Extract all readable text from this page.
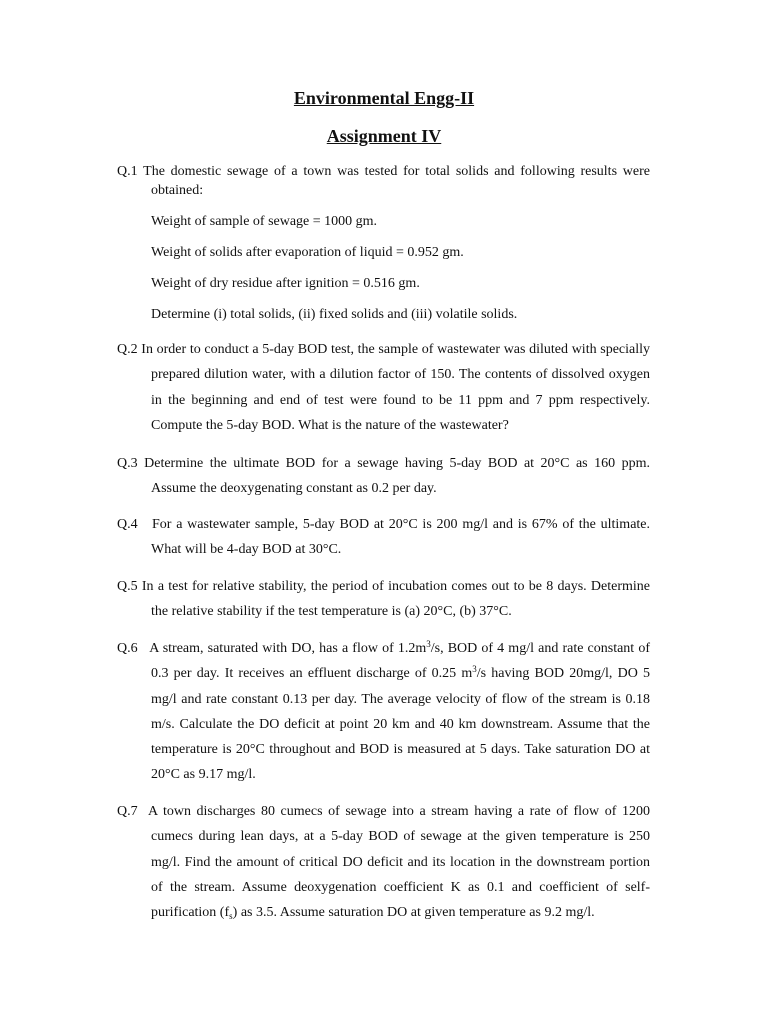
Environmental Engg-II
Assignment IV

Q.1 The domestic sewage of a town was tested for total solids and following results were obtained:

Weight of sample of sewage = 1000 gm.

Weight of solids after evaporation of liquid = 0.952 gm.

Weight of dry residue after ignition = 0.516 gm.

Determine (i) total solids, (ii) fixed solids and (iii) volatile solids.

Q.2 In order to conduct a 5-day BOD test, the sample of wastewater was diluted with specially prepared dilution water, with a dilution factor of 150. The contents of dissolved oxygen in the beginning and end of test were found to be 11 ppm and 7 ppm respectively. Compute the 5-day BOD. What is the nature of the wastewater?

Q.3 Determine the ultimate BOD for a sewage having 5-day BOD at 20°C as 160 ppm. Assume the deoxygenating constant as 0.2 per day.

Q.4 For a wastewater sample, 5-day BOD at 20°C is 200 mg/l and is 67% of the ultimate. What will be 4-day BOD at 30°C.

Q.5 In a test for relative stability, the period of incubation comes out to be 8 days. Determine the relative stability if the test temperature is (a) 20°C, (b) 37°C.

Q.6 A stream, saturated with DO, has a flow of $1.2m^3/s$, BOD of 4 mg/l and rate constant of 0.3 per day. It receives an effluent discharge of 0.25 $m^3/s$ having BOD 20mg/l, DO 5 mg/l and rate constant 0.13 per day. The average velocity of flow of the stream is 0.18 m/s. Calculate the DO deficit at point 20 km and 40 km downstream. Assume that the temperature is 20°C throughout and BOD is measured at 5 days. Take saturation DO at 20°C as 9.17 mg/l.

Q.7 A town discharges 80 cumecs of sewage into a stream having a rate of flow of 1200 cumecs during lean days, at a 5-day BOD of sewage at the given temperature is 250 mg/l. Find the amount of critical DO deficit and its location in the downstream portion of the stream. Assume deoxygenation coefficient K as 0.1 and coefficient of self-purification $(f_s)$ as 3.5. Assume saturation DO at given temperature as 9.2 mg/l.
